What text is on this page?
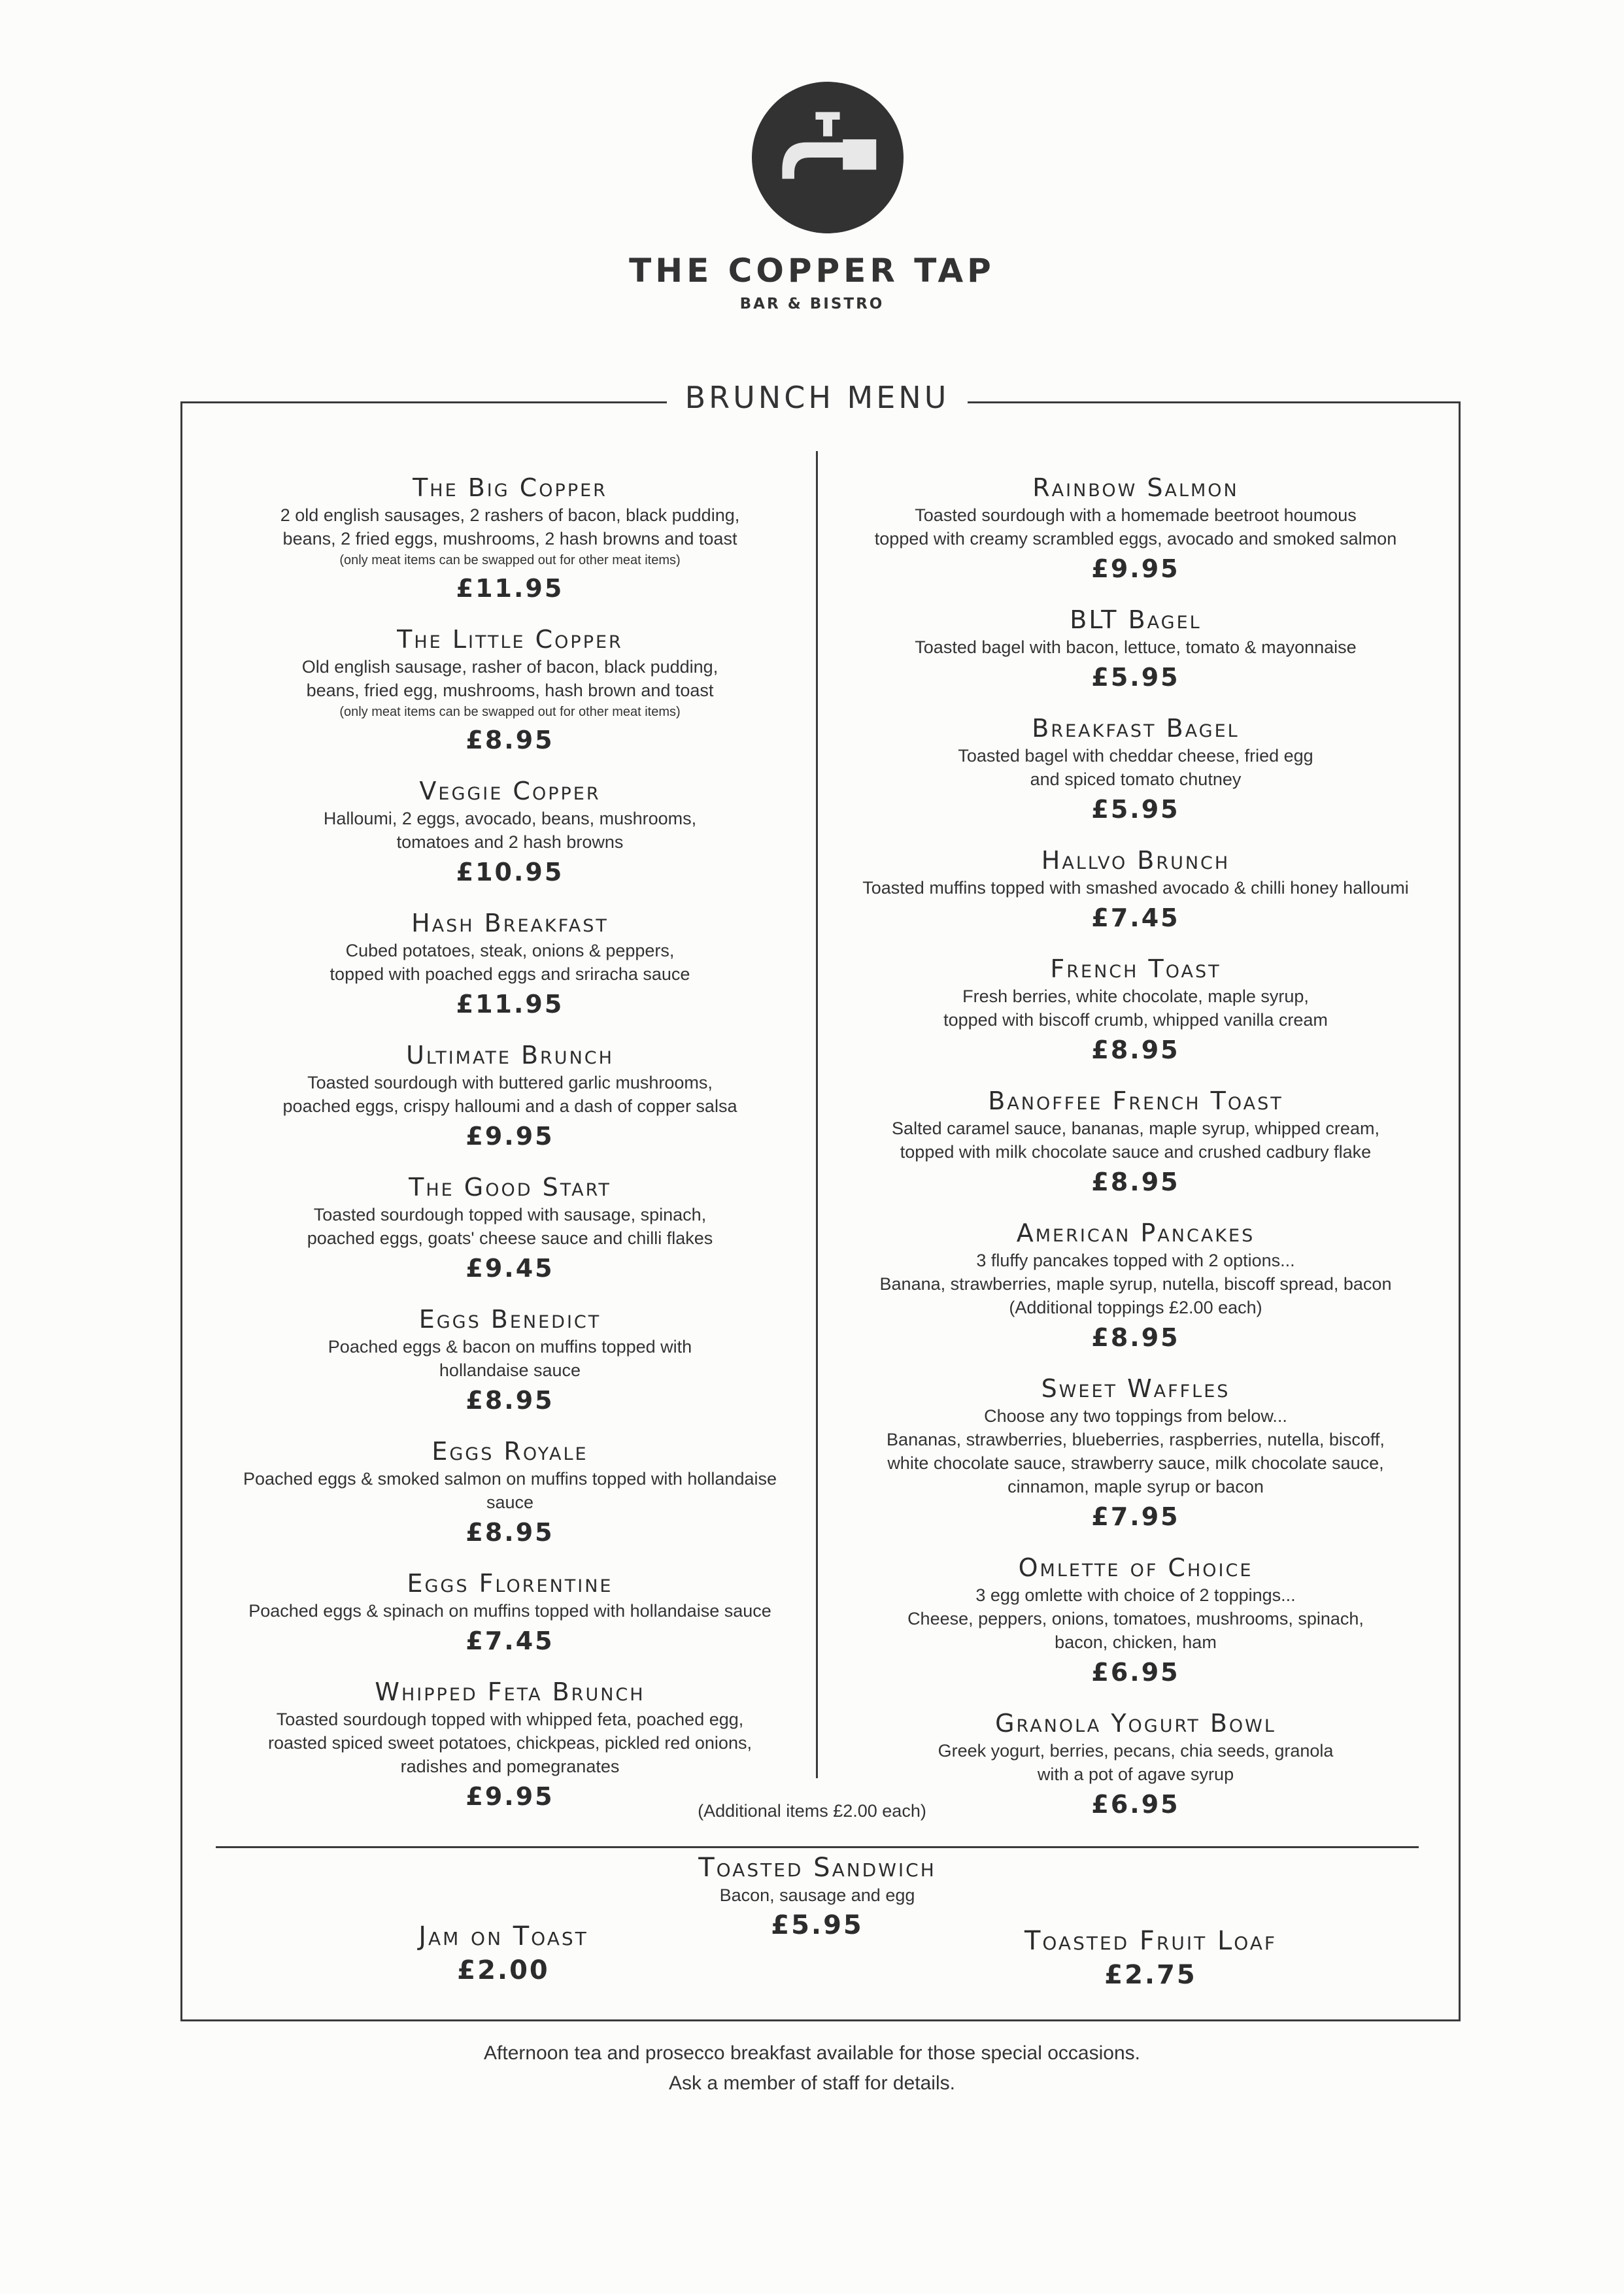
THE COPPER TAP
BAR & BISTRO
BRUNCH MENU
The Big Copper
2 old english sausages, 2 rashers of bacon, black pudding,
beans, 2 fried eggs, mushrooms, 2 hash browns and toast
(only meat items can be swapped out for other meat items)
£11.95
The Little Copper
Old english sausage, rasher of bacon, black pudding,
beans, fried egg, mushrooms, hash brown and toast
(only meat items can be swapped out for other meat items)
£8.95
Veggie Copper
Halloumi, 2 eggs, avocado, beans, mushrooms,
tomatoes and 2 hash browns
£10.95
Hash Breakfast
Cubed potatoes, steak, onions & peppers,
topped with poached eggs and sriracha sauce
£11.95
Ultimate Brunch
Toasted sourdough with buttered garlic mushrooms,
poached eggs, crispy halloumi and a dash of copper salsa
£9.95
The Good Start
Toasted sourdough topped with sausage, spinach,
poached eggs, goats' cheese sauce and chilli flakes
£9.45
Eggs Benedict
Poached eggs & bacon on muffins topped with
hollandaise sauce
£8.95
Eggs Royale
Poached eggs & smoked salmon on muffins topped with hollandaise
sauce
£8.95
Eggs Florentine
Poached eggs & spinach on muffins topped with hollandaise sauce
£7.45
Whipped Feta Brunch
Toasted sourdough topped with whipped feta, poached egg,
roasted spiced sweet potatoes, chickpeas, pickled red onions,
radishes and pomegranates
£9.95
Rainbow Salmon
Toasted sourdough with a homemade beetroot houmous
topped with creamy scrambled eggs, avocado and smoked salmon
£9.95
BLT Bagel
Toasted bagel with bacon, lettuce, tomato & mayonnaise
£5.95
Breakfast Bagel
Toasted bagel with cheddar cheese, fried egg
and spiced tomato chutney
£5.95
Hallvo Brunch
Toasted muffins topped with smashed avocado & chilli honey halloumi
£7.45
French Toast
Fresh berries, white chocolate, maple syrup,
topped with biscoff crumb, whipped vanilla cream
£8.95
Banoffee French Toast
Salted caramel sauce, bananas, maple syrup, whipped cream,
topped with milk chocolate sauce and crushed cadbury flake
£8.95
American Pancakes
3 fluffy pancakes topped with 2 options...
Banana, strawberries, maple syrup, nutella, biscoff spread, bacon
(Additional toppings £2.00 each)
£8.95
Sweet Waffles
Choose any two toppings from below...
Bananas, strawberries, blueberries, raspberries, nutella, biscoff,
white chocolate sauce, strawberry sauce, milk chocolate sauce,
cinnamon, maple syrup or bacon
£7.95
Omlette of Choice
3 egg omlette with choice of 2 toppings...
Cheese, peppers, onions, tomatoes, mushrooms, spinach,
bacon, chicken, ham
£6.95
Granola Yogurt Bowl
Greek yogurt, berries, pecans, chia seeds, granola
with a pot of agave syrup
£6.95
(Additional items £2.00 each)
Toasted Sandwich
Bacon, sausage and egg
£5.95
Jam on Toast
£2.00
Toasted Fruit Loaf
£2.75
Afternoon tea and prosecco breakfast available for those special occasions.
Ask a member of staff for details.
